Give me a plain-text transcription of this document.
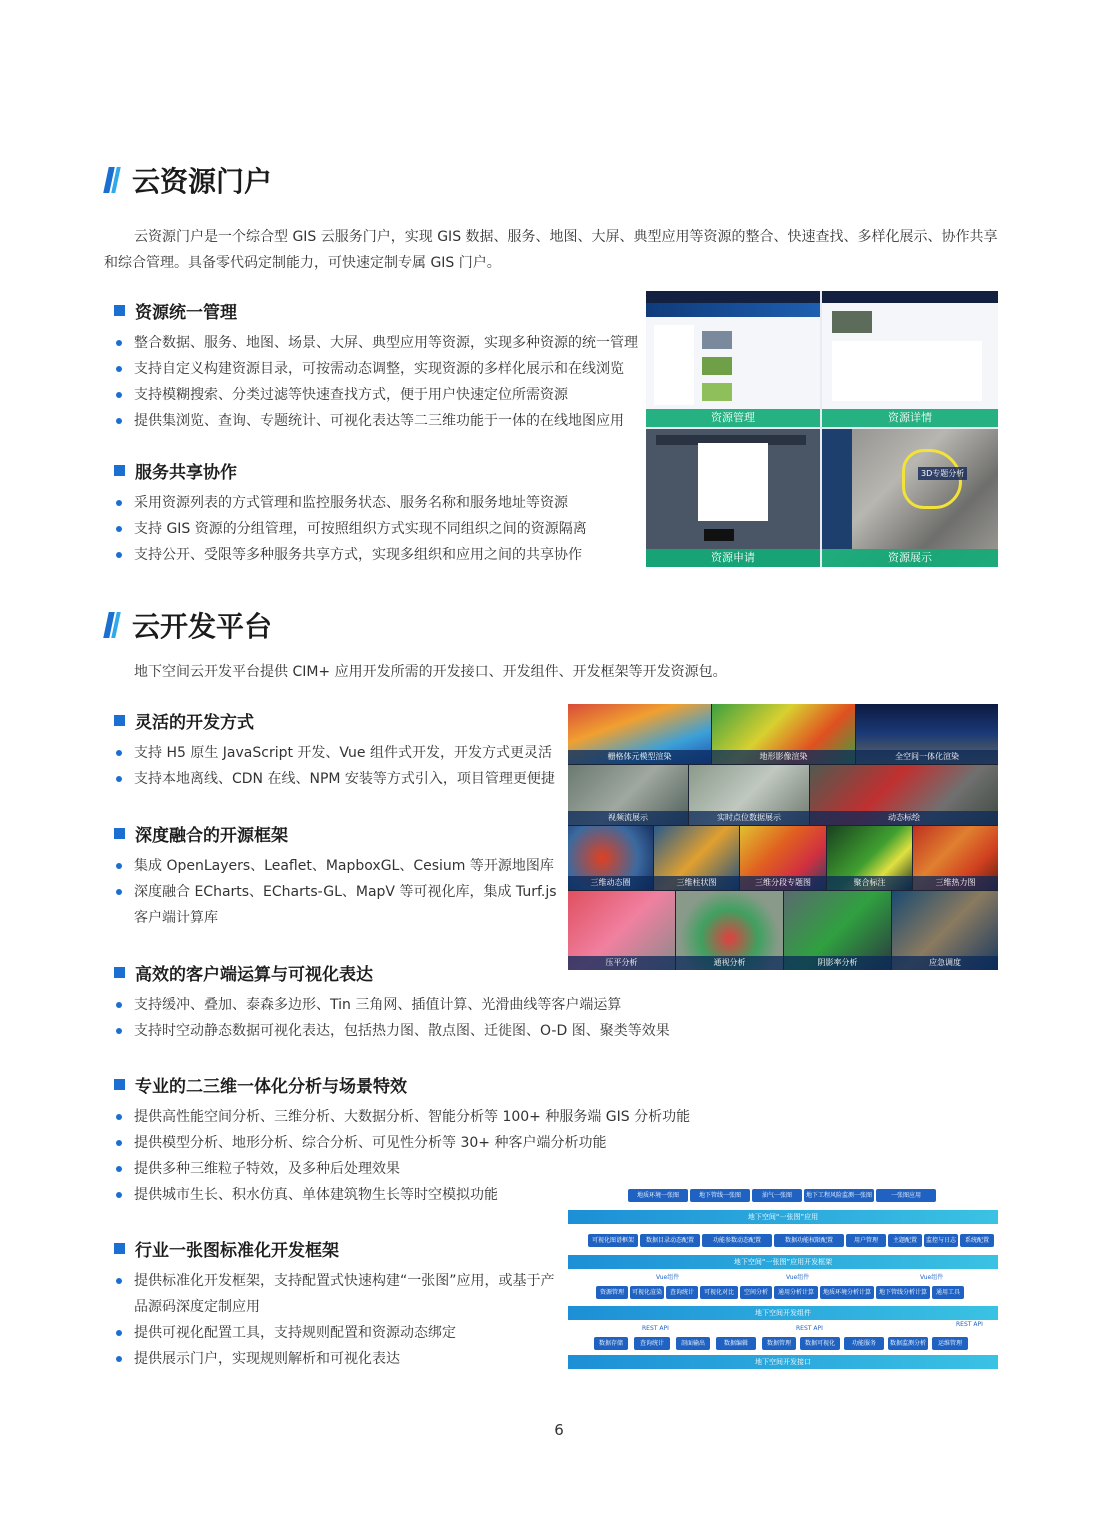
云资源门户

云资源门户是一个综合型 GIS 云服务门户，实现 GIS 数据、服务、地图、大屏、典型应用等资源的整合、快速查找、多样化展示、协作共享和综合管理。具备零代码定制能力，可快速定制专属 GIS 门户。

资源统一管理
整合数据、服务、地图、场景、大屏、典型应用等资源，实现多种资源的统一管理
支持自定义构建资源目录，可按需动态调整，实现资源的多样化展示和在线浏览
支持模糊搜索、分类过滤等快速查找方式，便于用户快速定位所需资源
提供集浏览、查询、专题统计、可视化表达等二三维功能于一体的在线地图应用
服务共享协作
采用资源列表的方式管理和监控服务状态、服务名称和服务地址等资源
支持 GIS 资源的分组管理，可按照组织方式实现不同组织之间的资源隔离
支持公开、受限等多种服务共享方式，实现多组织和应用之间的共享协作
资源管理	资源详情
资源申请
3D专题分析
资源展示
云开发平台

地下空间云开发平台提供 CIM+ 应用开发所需的开发接口、开发组件、开发框架等开发资源包。

灵活的开发方式
支持 H5 原生 JavaScript 开发、Vue 组件式开发，开发方式更灵活
支持本地离线、CDN 在线、NPM 安装等方式引入，项目管理更便捷
深度融合的开源框架
集成 OpenLayers、Leaflet、MapboxGL、Cesium 等开源地图库
深度融合 ECharts、ECharts-GL、MapV 等可视化库，集成 Turf.js 客户端计算库
高效的客户端运算与可视化表达
支持缓冲、叠加、泰森多边形、Tin 三角网、插值计算、光滑曲线等客户端运算
支持时空动静态数据可视化表达，包括热力图、散点图、迁徙图、O-D 图、聚类等效果
专业的二三维一体化分析与场景特效
提供高性能空间分析、三维分析、大数据分析、智能分析等 100+ 种服务端 GIS 分析功能
提供模型分析、地形分析、综合分析、可见性分析等 30+ 种客户端分析功能
提供多种三维粒子特效，及多种后处理效果
提供城市生长、积水仿真、单体建筑物生长等时空模拟功能
行业一张图标准化开发框架
提供标准化开发框架，支持配置式快速构建“一张图”应用，或基于产品源码深度定制应用
提供可视化配置工具，支持规则配置和资源动态绑定
提供展示门户，实现规则解析和可视化表达
栅格体元模型渲染	地形影像渲染	全空间一体化渲染
视频流展示	实时点位数据展示	动态标绘
三维动态圈	三维柱状图	三维分段专题图	聚合标注	三维热力图
压平分析	通视分析	阴影率分析	应急调度
地质环境一张图	地下管线一张图	油气一张图	地下工程风险监测一张图	一张图应用
地下空间“一张图”应用
可视化图谱框架	数据目录动态配置	功能参数动态配置	数据功能权限配置	用户管理	主题配置	监控与日志	系统配置
地下空间“一张图”应用开发框架
Vue组件	Vue组件	Vue组件
资源管理	可视化渲染	查询统计	可视化对比	空间分析	通用分析计算	地质环境分析计算	地下管线分析计算	通用工具
地下空间开发组件
REST API	REST API
REST API
数据存储	查询统计	剖面输出	数据编辑	数据管理	数据可视化	功能服务	数据监测分析	运维管理
地下空间开发接口
6
